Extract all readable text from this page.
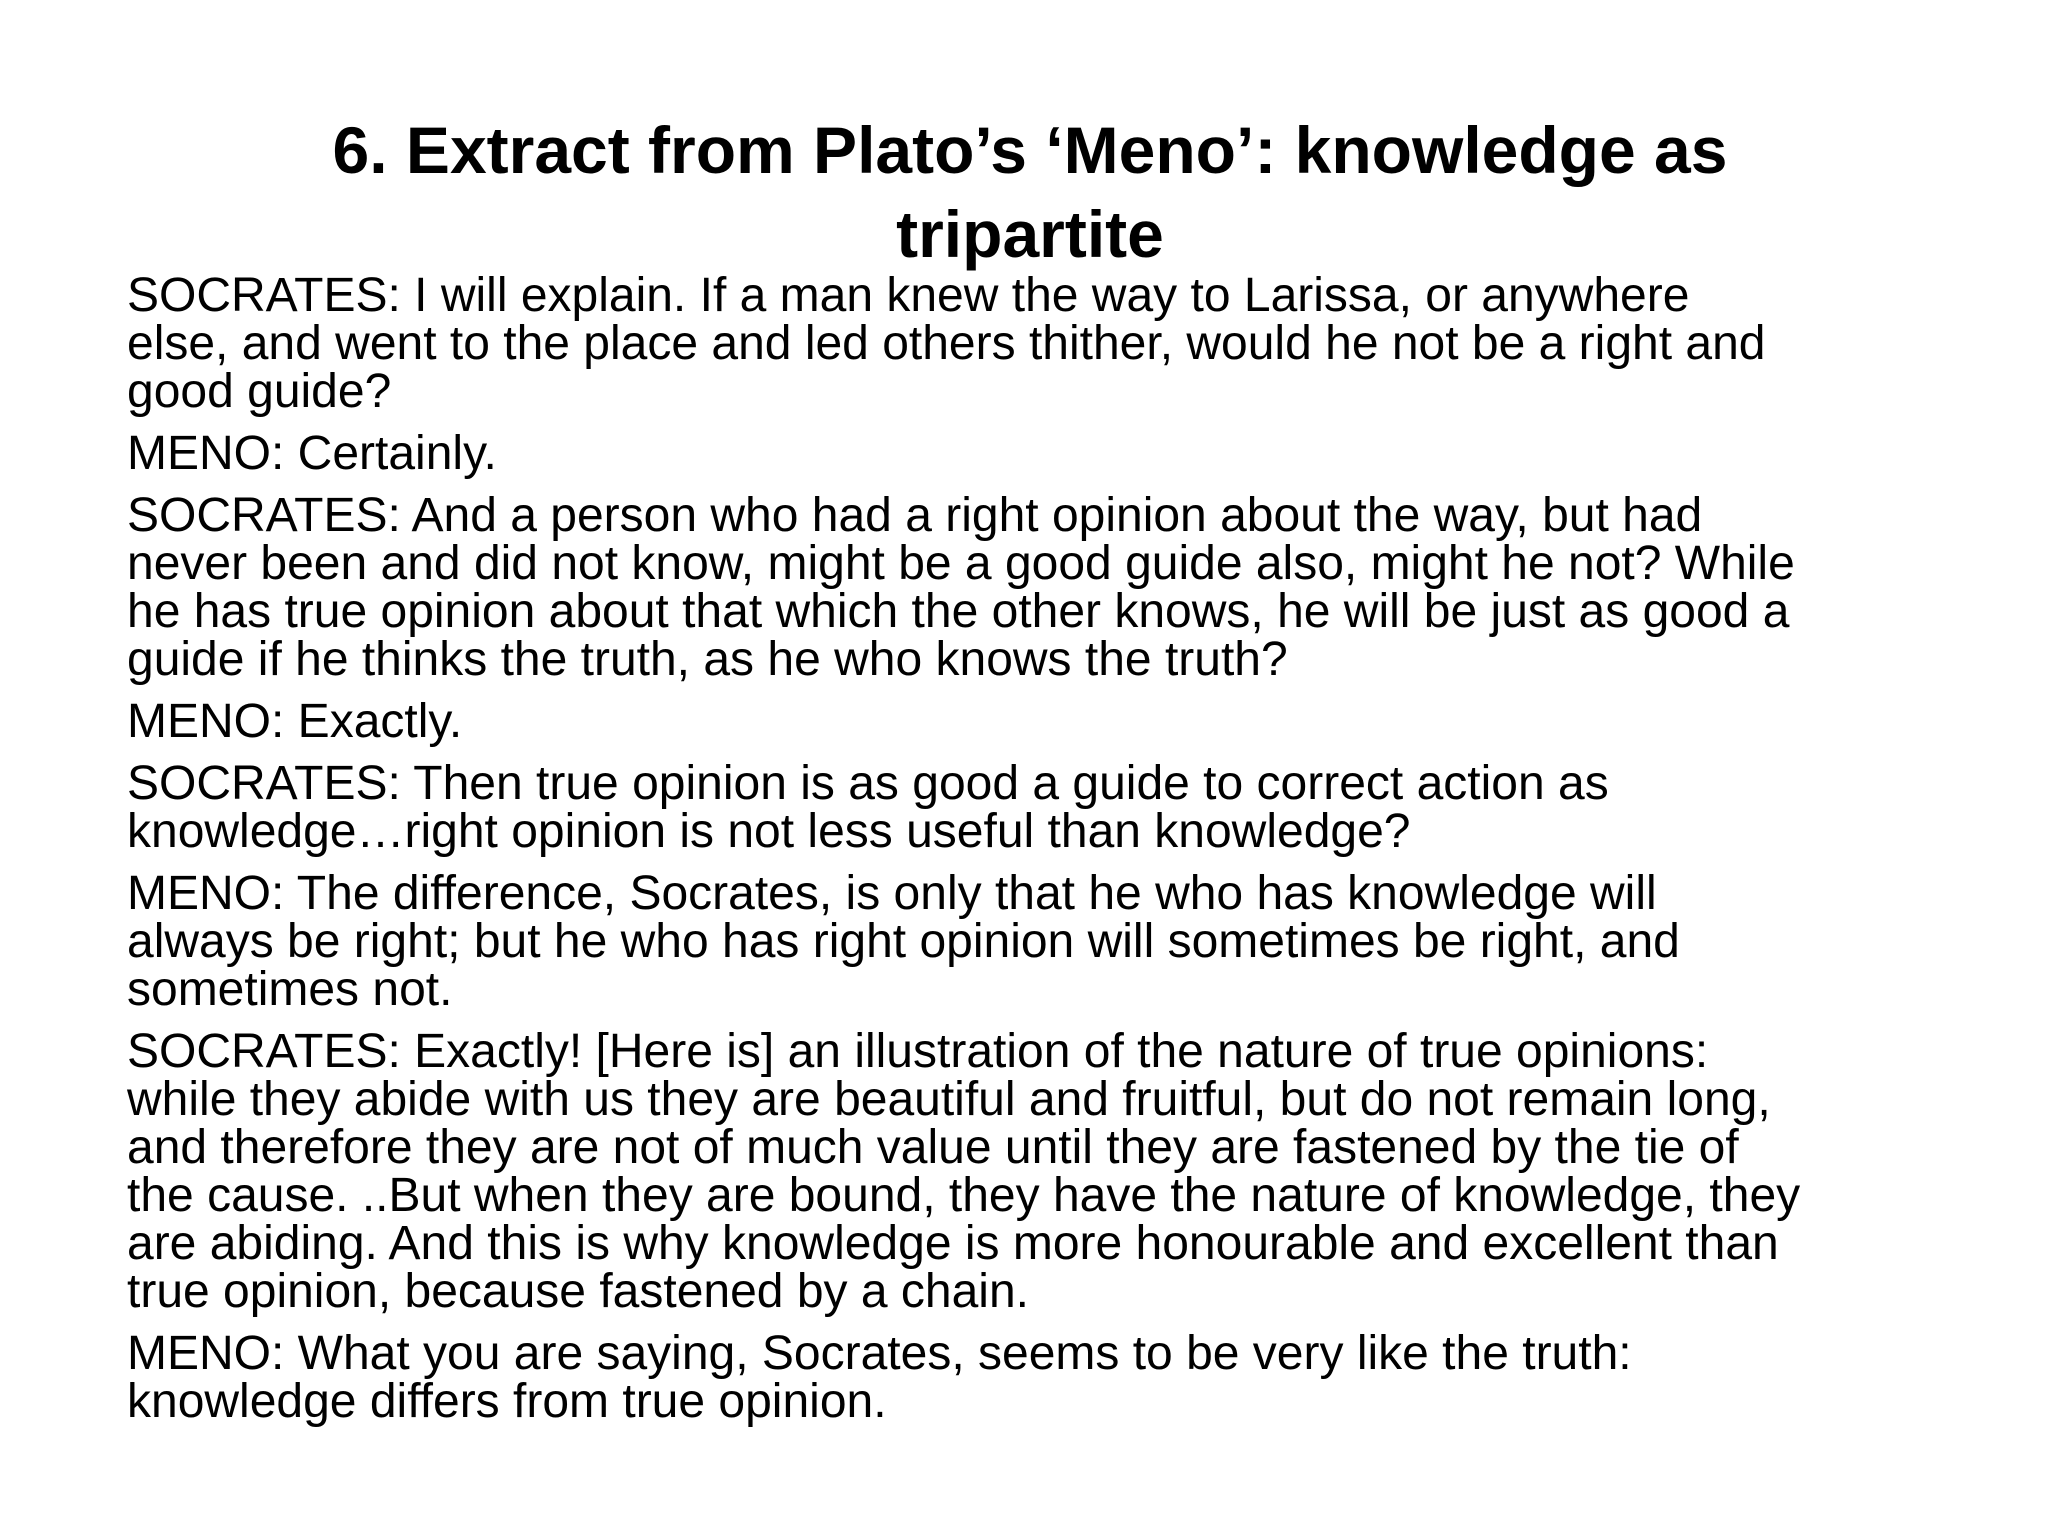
6. Extract from Plato’s ‘Meno’: knowledge as
tripartite

SOCRATES: I will explain. If a man knew the way to Larissa, or anywhere
else, and went to the place and led others thither, would he not be a right and
good guide?

MENO: Certainly.

SOCRATES: And a person who had a right opinion about the way, but had
never been and did not know, might be a good guide also, might he not? While
he has true opinion about that which the other knows, he will be just as good a
guide if he thinks the truth, as he who knows the truth?

MENO: Exactly.

SOCRATES: Then true opinion is as good a guide to correct action as
knowledge…right opinion is not less useful than knowledge?

MENO: The difference, Socrates, is only that he who has knowledge will
always be right; but he who has right opinion will sometimes be right, and
sometimes not.

SOCRATES: Exactly! [Here is] an illustration of the nature of true opinions:
while they abide with us they are beautiful and fruitful, but do not remain long,
and therefore they are not of much value until they are fastened by the tie of
the cause. ..But when they are bound, they have the nature of knowledge, they
are abiding. And this is why knowledge is more honourable and excellent than
true opinion, because fastened by a chain.

MENO: What you are saying, Socrates, seems to be very like the truth:
knowledge differs from true opinion.
